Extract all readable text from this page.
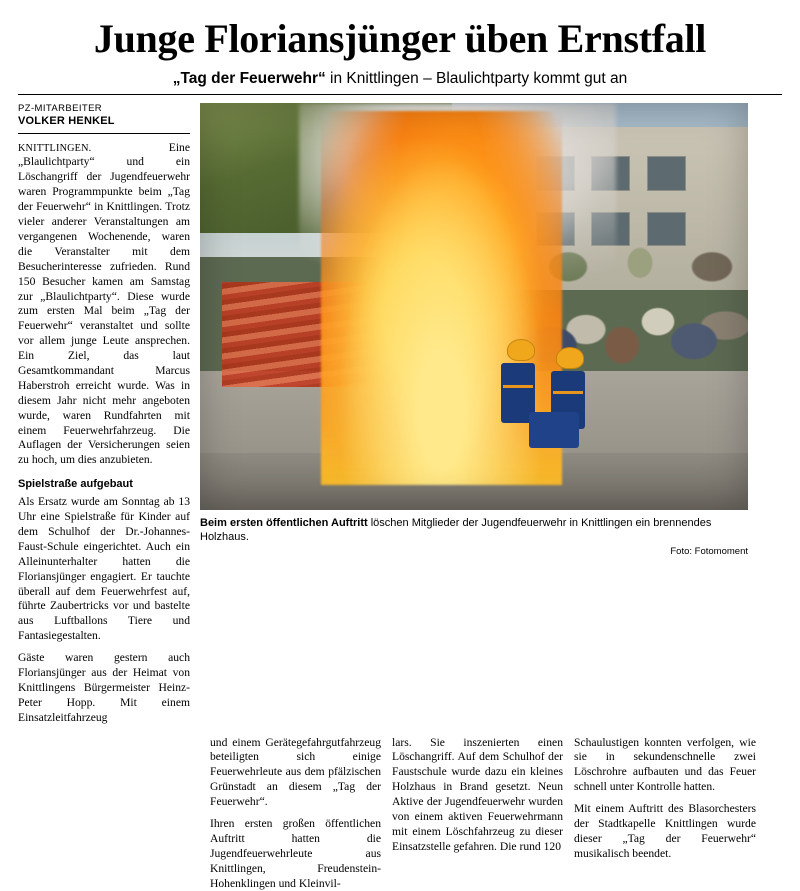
Junge Floriansjünger üben Ernstfall
„Tag der Feuerwehr“ in Knittlingen – Blaulichtparty kommt gut an
PZ-MITARBEITER
VOLKER HENKEL

KNITTLINGEN. Eine „Blaulichtparty“ und ein Löschangriff der Jugendfeuerwehr waren Programmpunkte beim „Tag der Feuerwehr“ in Knittlingen. Trotz vieler anderer Veranstaltungen am vergangenen Wochenende, waren die Veranstalter mit dem Besucherinteresse zufrieden. Rund 150 Besucher kamen am Samstag zur „Blaulichtparty“. Diese wurde zum ersten Mal beim „Tag der Feuerwehr“ veranstaltet und sollte vor allem junge Leute ansprechen. Ein Ziel, das laut Gesamtkommandant Marcus Haberstroh erreicht wurde. Was in diesem Jahr nicht mehr angeboten wurde, waren Rundfahrten mit einem Feuerwehrfahrzeug. Die Auflagen der Versicherungen seien zu hoch, um dies anzubieten.

Spielstraße aufgebaut

Als Ersatz wurde am Sonntag ab 13 Uhr eine Spielstraße für Kinder auf dem Schulhof der Dr.-Johannes-Faust-Schule eingerichtet. Auch ein Alleinunterhalter hatten die Floriansjünger engagiert. Er tauchte überall auf dem Feuerwehrfest auf, führte Zaubertricks vor und bastelte aus Luftballons Tiere und Fantasiegestalten.

Gäste waren gestern auch Floriansjünger aus der Heimat von Knittlingens Bürgermeister Heinz-Peter Hopp. Mit einem Einsatzleitfahrzeug

Beim ersten öffentlichen Auftritt löschen Mitglieder der Jugendfeuerwehr in Knittlingen ein brennendes Holzhaus.
Foto: Fotomoment

und einem Gerätegefahrgutfahrzeug beteiligten sich einige Feuerwehrleute aus dem pfälzischen Grünstadt an diesem „Tag der Feuerwehr“.

Ihren ersten großen öffentlichen Auftritt hatten die Jugendfeuerwehrleute aus Knittlingen, Freudenstein-Hohenklingen und Kleinvil-

lars. Sie inszenierten einen Löschangriff. Auf dem Schulhof der Faustschule wurde dazu ein kleines Holzhaus in Brand gesetzt. Neun Aktive der Jugendfeuerwehr wurden von einem aktiven Feuerwehrmann mit einem Löschfahrzeug zu dieser Einsatzstelle gefahren. Die rund 120

Schaulustigen konnten verfolgen, wie sie in sekundenschnelle zwei Löschrohre aufbauten und das Feuer schnell unter Kontrolle hatten.

Mit einem Auftritt des Blasorchesters der Stadtkapelle Knittlingen wurde dieser „Tag der Feuerwehr“ musikalisch beendet.
